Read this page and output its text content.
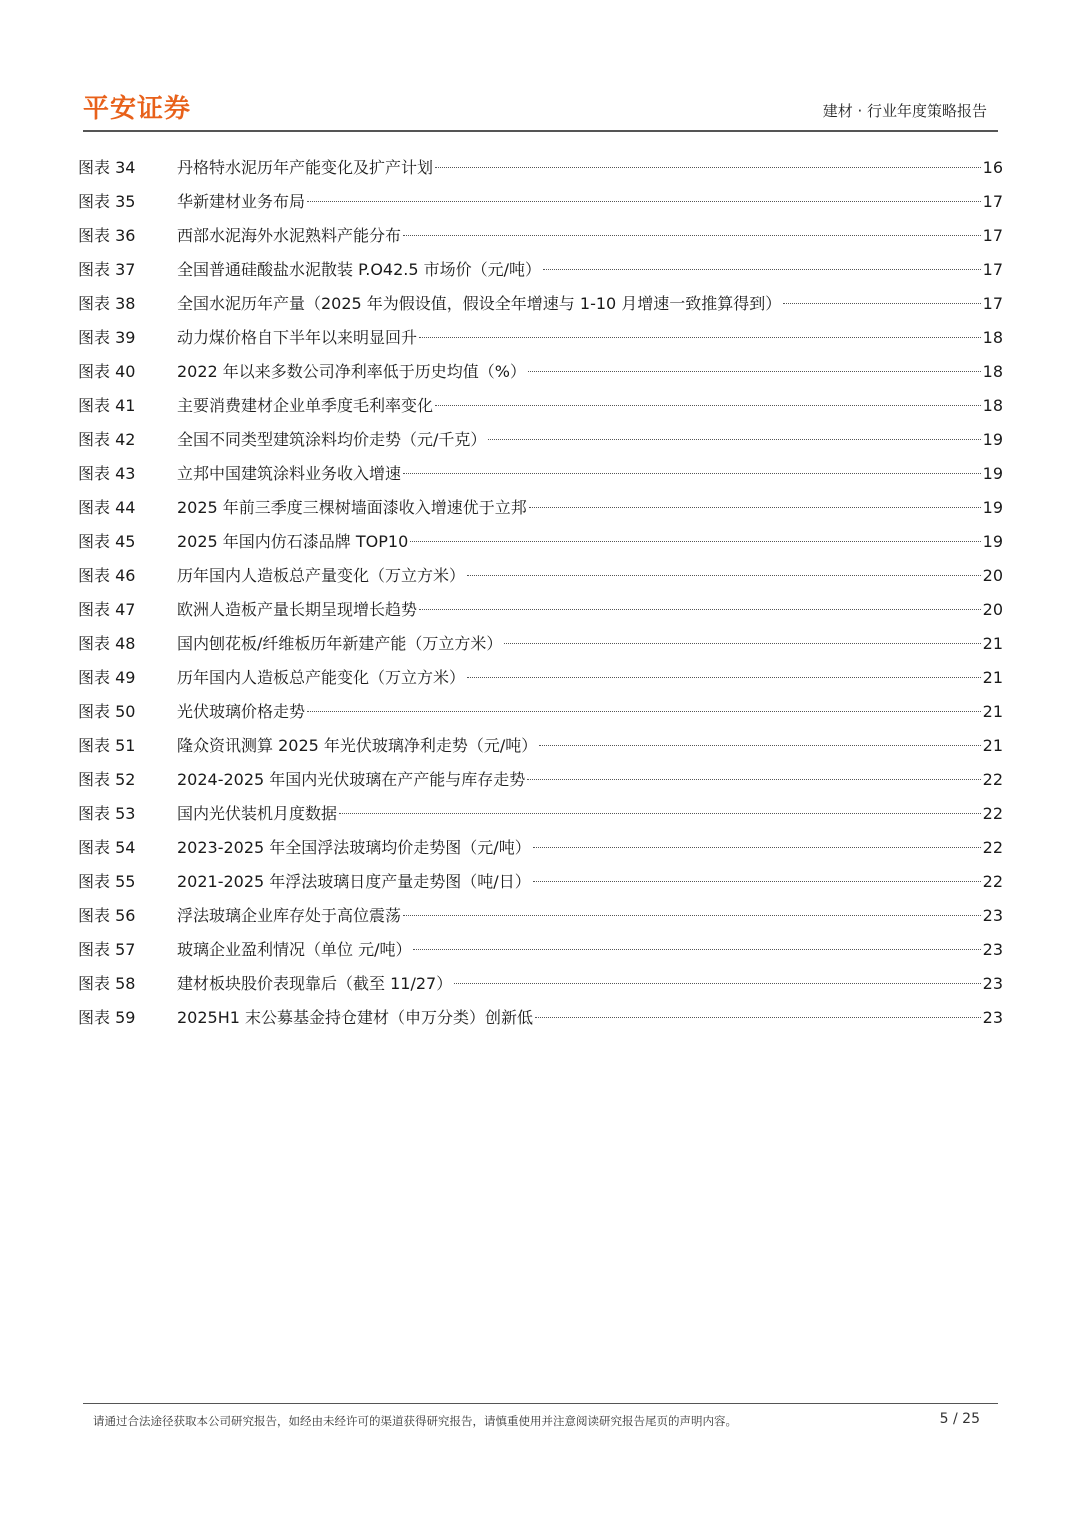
平安证券	建材 · 行业年度策略报告
图表 34	丹格特水泥历年产能变化及扩产计划	16
图表 35	华新建材业务布局	17
图表 36	西部水泥海外水泥熟料产能分布	17
图表 37	全国普通硅酸盐水泥散装 P.O42.5 市场价（元/吨）	17
图表 38	全国水泥历年产量（2025 年为假设值，假设全年增速与 1-10 月增速一致推算得到）	17
图表 39	动力煤价格自下半年以来明显回升	18
图表 40	2022 年以来多数公司净利率低于历史均值（%）	18
图表 41	主要消费建材企业单季度毛利率变化	18
图表 42	全国不同类型建筑涂料均价走势（元/千克）	19
图表 43	立邦中国建筑涂料业务收入增速	19
图表 44	2025 年前三季度三棵树墙面漆收入增速优于立邦	19
图表 45	2025 年国内仿石漆品牌 TOP10	19
图表 46	历年国内人造板总产量变化（万立方米）	20
图表 47	欧洲人造板产量长期呈现增长趋势	20
图表 48	国内刨花板/纤维板历年新建产能（万立方米）	21
图表 49	历年国内人造板总产能变化（万立方米）	21
图表 50	光伏玻璃价格走势	21
图表 51	隆众资讯测算 2025 年光伏玻璃净利走势（元/吨）	21
图表 52	2024-2025 年国内光伏玻璃在产产能与库存走势	22
图表 53	国内光伏装机月度数据	22
图表 54	2023-2025 年全国浮法玻璃均价走势图（元/吨）	22
图表 55	2021-2025 年浮法玻璃日度产量走势图（吨/日）	22
图表 56	浮法玻璃企业库存处于高位震荡	23
图表 57	玻璃企业盈利情况（单位 元/吨）	23
图表 58	建材板块股价表现靠后（截至 11/27）	23
图表 59	2025H1 末公募基金持仓建材（申万分类）创新低	23
请通过合法途径获取本公司研究报告，如经由未经许可的渠道获得研究报告，请慎重使用并注意阅读研究报告尾页的声明内容。	5 / 25
